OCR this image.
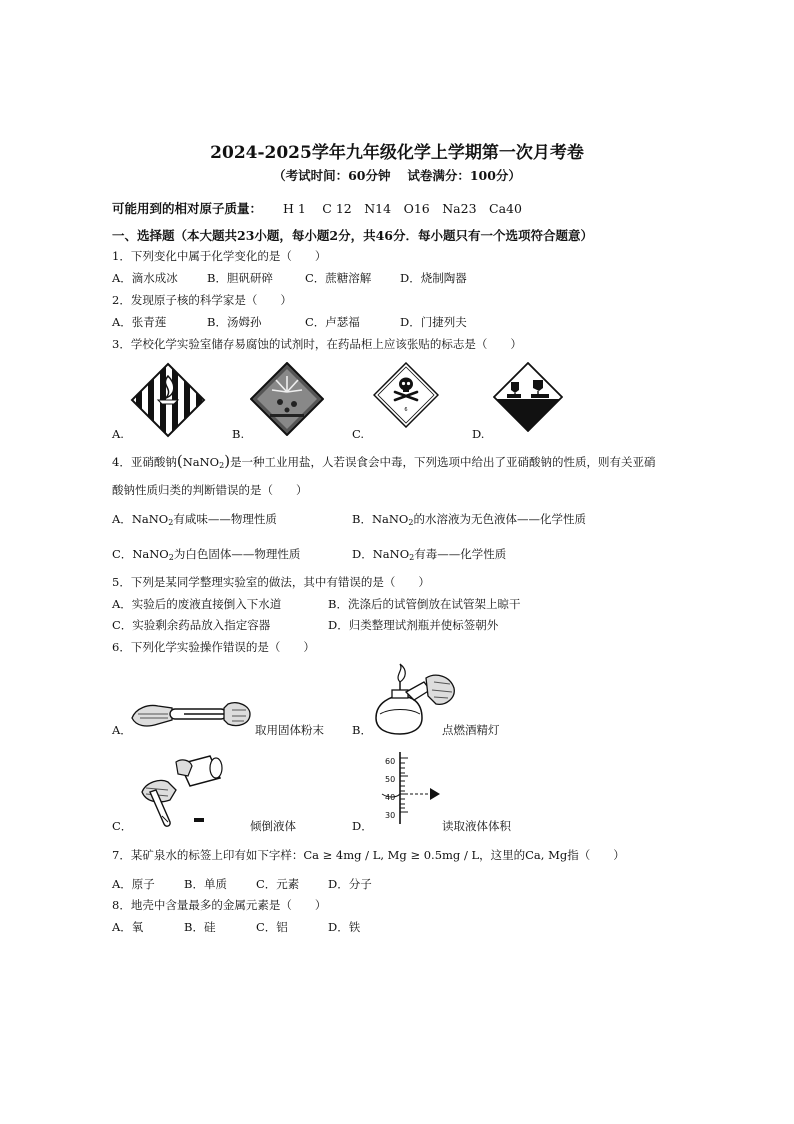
2024-2025学年九年级化学上学期第一次月考卷
（考试时间：60分钟　 试卷满分：100分）
可能用到的相对原子质量： H 1　 C 12　N14　O16　Na23　Ca40
一、选择题（本大题共23小题，每小题2分，共46分．每小题只有一个选项符合题意）
1．下列变化中属于化学变化的是（　　）
A．滴水成冰	B．胆矾研碎	C．蔗糖溶解 D．烧制陶器
2．发现原子核的科学家是（　　）
A．张青莲	B．汤姆孙	C．卢瑟福	D．门捷列夫
3．学校化学实验室储存易腐蚀的试剂时，在药品柜上应该张贴的标志是（　　）
6
A.	B.	C.	D.
4．亚硝酸钠(NaNO$_2$)是一种工业用盐，人若误食会中毒，下列选项中给出了亚硝酸钠的性质，则有关亚硝
酸钠性质归类的判断错误的是（　　）
A．NaNO$_2$有咸味——物理性质	B．NaNO$_2$的水溶液为无色液体——化学性质
C．NaNO$_2$为白色固体——物理性质	D．NaNO$_2$有毒——化学性质
5．下列是某同学整理实验室的做法，其中有错误的是（　　）
A．实验后的废液直接倒入下水道	B．洗涤后的试管倒放在试管架上晾干
C．实验剩余药品放入指定容器	D．归类整理试剂瓶并使标签朝外
6．下列化学实验操作错误的是（　　）
A．	取用固体粉末 B．	点燃酒精灯
C．	倾倒液体
60
50
40
30
D．	读取液体体积
7．某矿泉水的标签上印有如下字样：Ca ≥ 4mg / L, Mg ≥ 0.5mg / L，这里的Ca, Mg指（　　）
A．原子	B．单质	C．元素 D．分子
8．地壳中含量最多的金属元素是（　　）
A．氧	B．硅	C．铝	D．铁
